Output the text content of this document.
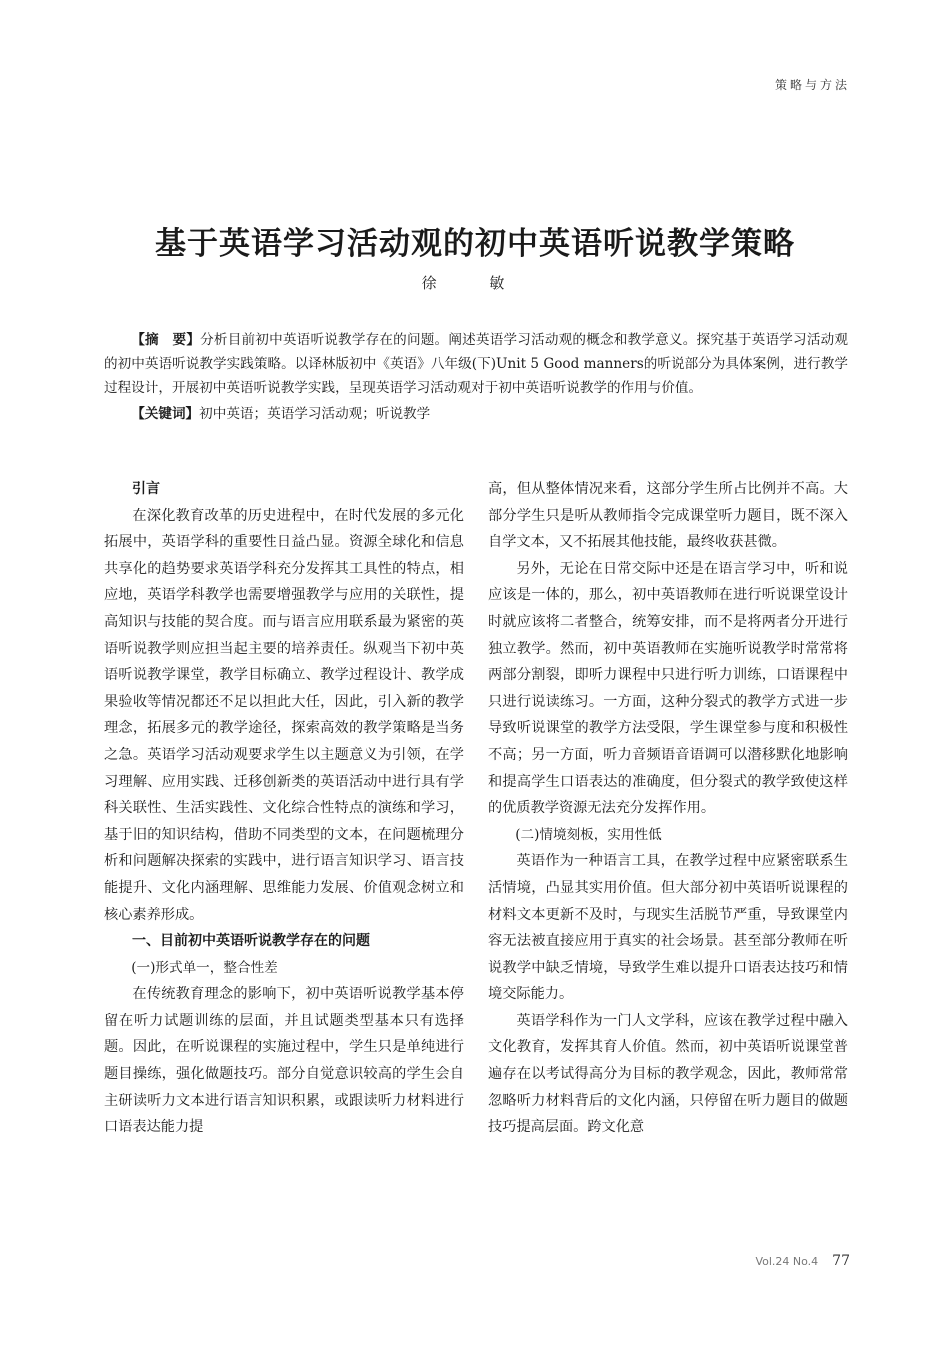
策略与方法
基于英语学习活动观的初中英语听说教学策略
徐 敏

【摘　要】分析目前初中英语听说教学存在的问题。阐述英语学习活动观的概念和教学意义。探究基于英语学习活动观的初中英语听说教学实践策略。以译林版初中《英语》八年级(下)Unit 5 Good manners的听说部分为具体案例，进行教学过程设计，开展初中英语听说教学实践，呈现英语学习活动观对于初中英语听说教学的作用与价值。

【关键词】初中英语；英语学习活动观；听说教学

引言

在深化教育改革的历史进程中，在时代发展的多元化拓展中，英语学科的重要性日益凸显。资源全球化和信息共享化的趋势要求英语学科充分发挥其工具性的特点，相应地，英语学科教学也需要增强教学与应用的关联性，提高知识与技能的契合度。而与语言应用联系最为紧密的英语听说教学则应担当起主要的培养责任。纵观当下初中英语听说教学课堂，教学目标确立、教学过程设计、教学成果验收等情况都还不足以担此大任，因此，引入新的教学理念，拓展多元的教学途径，探索高效的教学策略是当务之急。英语学习活动观要求学生以主题意义为引领，在学习理解、应用实践、迁移创新类的英语活动中进行具有学科关联性、生活实践性、文化综合性特点的演练和学习，基于旧的知识结构，借助不同类型的文本，在问题梳理分析和问题解决探索的实践中，进行语言知识学习、语言技能提升、文化内涵理解、思维能力发展、价值观念树立和核心素养形成。

一、目前初中英语听说教学存在的问题

(一)形式单一，整合性差

在传统教育理念的影响下，初中英语听说教学基本停留在听力试题训练的层面，并且试题类型基本只有选择题。因此，在听说课程的实施过程中，学生只是单纯进行题目操练，强化做题技巧。部分自觉意识较高的学生会自主研读听力文本进行语言知识积累，或跟读听力材料进行口语表达能力提

高，但从整体情况来看，这部分学生所占比例并不高。大部分学生只是听从教师指令完成课堂听力题目，既不深入自学文本，又不拓展其他技能，最终收获甚微。

另外，无论在日常交际中还是在语言学习中，听和说应该是一体的，那么，初中英语教师在进行听说课堂设计时就应该将二者整合，统筹安排，而不是将两者分开进行独立教学。然而，初中英语教师在实施听说教学时常常将两部分割裂，即听力课程中只进行听力训练，口语课程中只进行说读练习。一方面，这种分裂式的教学方式进一步导致听说课堂的教学方法受限，学生课堂参与度和积极性不高；另一方面，听力音频语音语调可以潜移默化地影响和提高学生口语表达的准确度，但分裂式的教学致使这样的优质教学资源无法充分发挥作用。

(二)情境刻板，实用性低

英语作为一种语言工具，在教学过程中应紧密联系生活情境，凸显其实用价值。但大部分初中英语听说课程的材料文本更新不及时，与现实生活脱节严重，导致课堂内容无法被直接应用于真实的社会场景。甚至部分教师在听说教学中缺乏情境，导致学生难以提升口语表达技巧和情境交际能力。

英语学科作为一门人文学科，应该在教学过程中融入文化教育，发挥其育人价值。然而，初中英语听说课堂普遍存在以考试得高分为目标的教学观念，因此，教师常常忽略听力材料背后的文化内涵，只停留在听力题目的做题技巧提高层面。跨文化意

Vol.24 No.4 77
